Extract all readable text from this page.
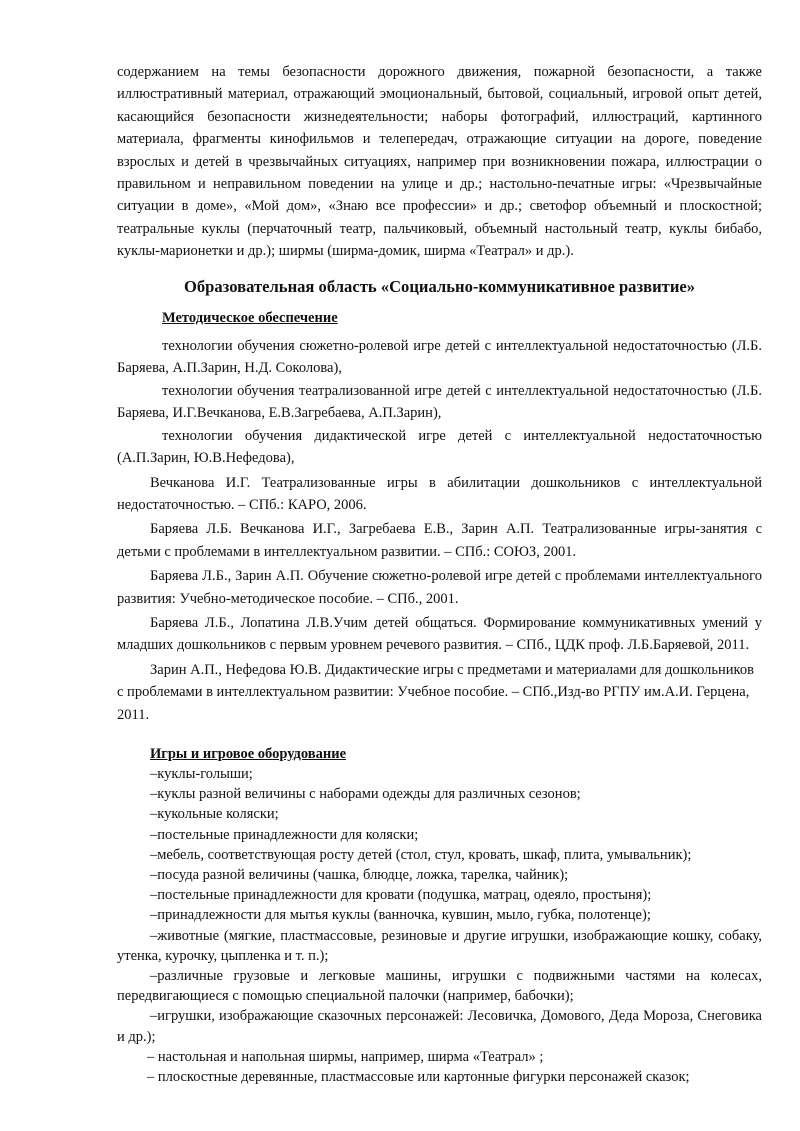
содержанием на темы безопасности дорожного движения, пожарной безопасности, а также иллюстративный материал, отражающий эмоциональный, бытовой, социальный, игровой опыт детей, касающийся безопасности жизнедеятельности; наборы фотографий, иллюстраций, картинного материала, фрагменты кинофильмов и телепередач, отражающие ситуации на дороге, поведение взрослых и детей в чрезвычайных ситуациях, например при возникновении пожара, иллюстрации о правильном и неправильном поведении на улице и др.; настольно-печатные игры: «Чрезвычайные ситуации в доме», «Мой дом», «Знаю все профессии» и др.; светофор объемный и плоскостной; театральные куклы (перчаточный театр, пальчиковый, объемный настольный театр, куклы бибабо, куклы-марионетки и др.); ширмы (ширма-домик, ширма «Театрал» и др.).

Образовательная область «Социально-коммуникативное развитие»

Методическое обеспечение

технологии обучения сюжетно-ролевой игре детей с интеллектуальной недостаточностью (Л.Б. Баряева, А.П.Зарин, Н.Д. Соколова),

технологии обучения театрализованной игре детей с интеллектуальной недостаточностью (Л.Б. Баряева, И.Г.Вечканова, Е.В.Загребаева, А.П.Зарин),

технологии обучения дидактической игре детей с интеллектуальной недостаточностью (А.П.Зарин, Ю.В.Нефедова),

Вечканова И.Г. Театрализованные игры в абилитации дошкольников с интеллектуальной недостаточностью. – СПб.: КАРО, 2006.

Баряева Л.Б. Вечканова И.Г., Загребаева Е.В., Зарин А.П. Театрализованные игры-занятия с детьми с проблемами в интеллектуальном развитии. – СПб.: СОЮЗ, 2001.

Баряева Л.Б., Зарин А.П. Обучение сюжетно-ролевой игре детей с проблемами интеллектуального развития: Учебно-методическое пособие. – СПб., 2001.

Баряева Л.Б., Лопатина Л.В.Учим детей общаться. Формирование коммуникативных умений у младших дошкольников с первым уровнем речевого развития. – СПб., ЦДК проф. Л.Б.Баряевой, 2011.

Зарин А.П., Нефедова Ю.В. Дидактические игры с предметами и материалами для дошкольников с проблемами в интеллектуальном развитии: Учебное пособие. – СПб.,Изд-во РГПУ им.А.И. Герцена, 2011.

Игры и игровое оборудование

–куклы-голыши;

–куклы разной величины с наборами одежды для различных сезонов;

–кукольные коляски;

–постельные принадлежности для коляски;

–мебель, соответствующая росту детей (стол, стул, кровать, шкаф, плита, умывальник);

–посуда разной величины (чашка, блюдце, ложка, тарелка, чайник);

–постельные принадлежности для кровати (подушка, матрац, одеяло, простыня);

–принадлежности для мытья куклы (ванночка, кувшин, мыло, губка, полотенце);

–животные (мягкие, пластмассовые, резиновые и другие игрушки, изображающие кошку, собаку, утенка, курочку, цыпленка и т. п.);

–различные грузовые и легковые машины, игрушки с подвижными частями на колесах, передвигающиеся с помощью специальной палочки (например, бабочки);

–игрушки, изображающие сказочных персонажей: Лесовичка, Домового, Деда Мороза, Снеговика и др.);

– настольная и напольная ширмы, например, ширма «Театрал» ;

– плоскостные деревянные, пластмассовые или картонные фигурки персонажей сказок;
